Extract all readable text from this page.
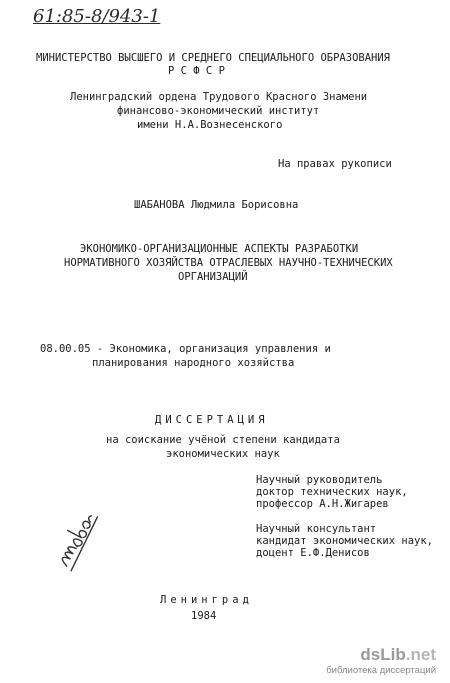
61:85-8/943-1
МИНИСТЕРСТВО ВЫСШЕГО И СРЕДНЕГО СПЕЦИАЛЬНОГО ОБРАЗОВАНИЯ
Р С Ф С Р
Ленинградский ордена Трудового Красного Знамени
финансово-экономический институт
имени Н.А.Вознесенского
На правах рукописи
ШАБАНОВА Людмила Борисовна
ЭКОНОМИКО-ОРГАНИЗАЦИОННЫЕ АСПЕКТЫ РАЗРАБОТКИ
НОРМАТИВНОГО ХОЗЯЙСТВА ОТРАСЛЕВЫХ НАУЧНО-ТЕХНИЧЕСКИХ
ОРГАНИЗАЦИЙ
08.00.05 - Экономика, организация управления и
планирования народного хозяйства
ДИССЕРТАЦИЯ
на соискание учёной степени кандидата
экономических наук
Научный руководитель
доктор технических наук,
профессор А.Н.Жигарев
Научный консультант
кандидат экономических наук,
доцент Е.Ф.Денисов
Ленинград
1984
dsLib.net
библиотека диссертаций
